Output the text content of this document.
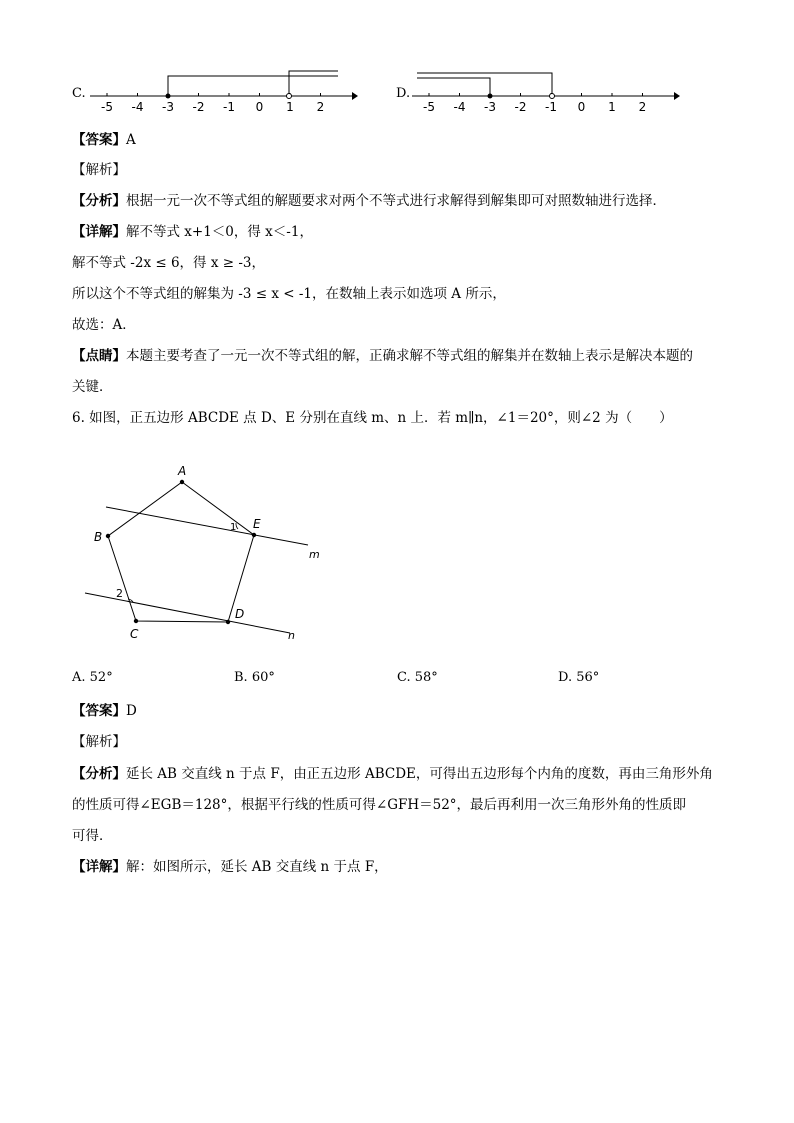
C.
-5 -4 -3 -2 -1 0 1 2
D.
-5 -4 -3 -2 -1 0 1 2
【答案】A
【解析】
【分析】根据一元一次不等式组的解题要求对两个不等式进行求解得到解集即可对照数轴进行选择．
【详解】解不等式 x+1＜0，得 x＜-1，
解不等式 -2x ≤ 6，得 x ≥ -3，
所以这个不等式组的解集为 -3 ≤ x < -1，在数轴上表示如选项 A 所示，
故选：A．
【点睛】本题主要考查了一元一次不等式组的解，正确求解不等式组的解集并在数轴上表示是解决本题的
关键．
6. 如图，正五边形 ABCDE 点 D、E 分别在直线 m、n 上．若 m∥n，∠1＝20°，则∠2 为（　　）
A
B
C
D
E
m
n
1
2
A. 52°	B. 60°	C. 58°	D. 56°
【答案】D
【解析】
【分析】延长 AB 交直线 n 于点 F，由正五边形 ABCDE，可得出五边形每个内角的度数，再由三角形外角
的性质可得∠EGB＝128°，根据平行线的性质可得∠GFH＝52°，最后再利用一次三角形外角的性质即
可得．
【详解】解：如图所示，延长 AB 交直线 n 于点 F，
